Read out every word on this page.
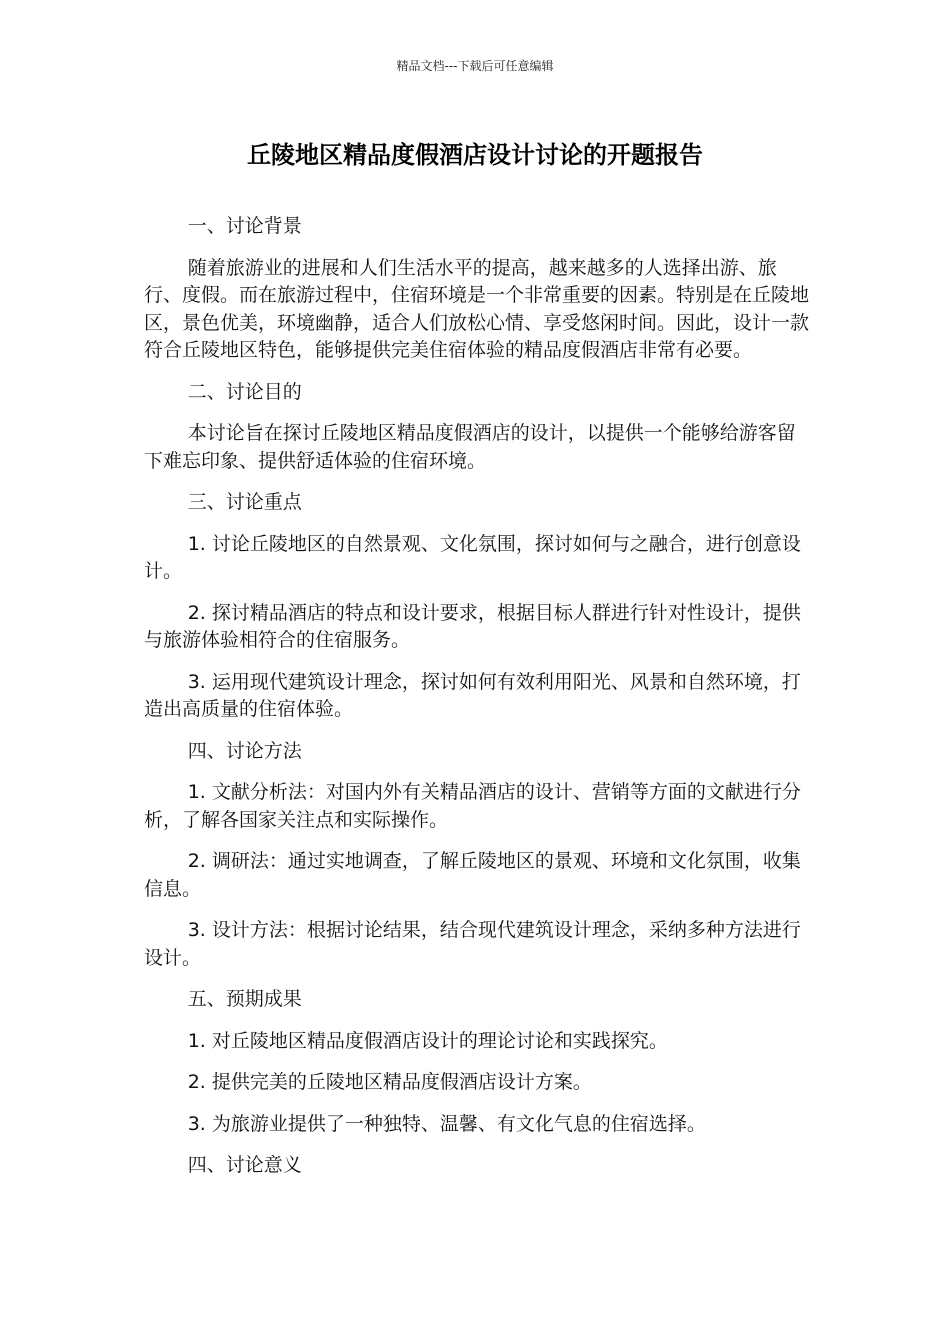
精品文档---下载后可任意编辑
丘陵地区精品度假酒店设计讨论的开题报告

一、讨论背景

随着旅游业的进展和人们生活水平的提高，越来越多的人选择出游、旅行、度假。而在旅游过程中，住宿环境是一个非常重要的因素。特别是在丘陵地区，景色优美，环境幽静，适合人们放松心情、享受悠闲时间。因此，设计一款符合丘陵地区特色，能够提供完美住宿体验的精品度假酒店非常有必要。

二、讨论目的

本讨论旨在探讨丘陵地区精品度假酒店的设计，以提供一个能够给游客留下难忘印象、提供舒适体验的住宿环境。

三、讨论重点

1. 讨论丘陵地区的自然景观、文化氛围，探讨如何与之融合，进行创意设计。

2. 探讨精品酒店的特点和设计要求，根据目标人群进行针对性设计，提供与旅游体验相符合的住宿服务。

3. 运用现代建筑设计理念，探讨如何有效利用阳光、风景和自然环境，打造出高质量的住宿体验。

四、讨论方法

1. 文献分析法：对国内外有关精品酒店的设计、营销等方面的文献进行分析，了解各国家关注点和实际操作。

2. 调研法：通过实地调查，了解丘陵地区的景观、环境和文化氛围，收集信息。

3. 设计方法：根据讨论结果，结合现代建筑设计理念，采纳多种方法进行设计。

五、预期成果

1. 对丘陵地区精品度假酒店设计的理论讨论和实践探究。

2. 提供完美的丘陵地区精品度假酒店设计方案。

3. 为旅游业提供了一种独特、温馨、有文化气息的住宿选择。

四、讨论意义
